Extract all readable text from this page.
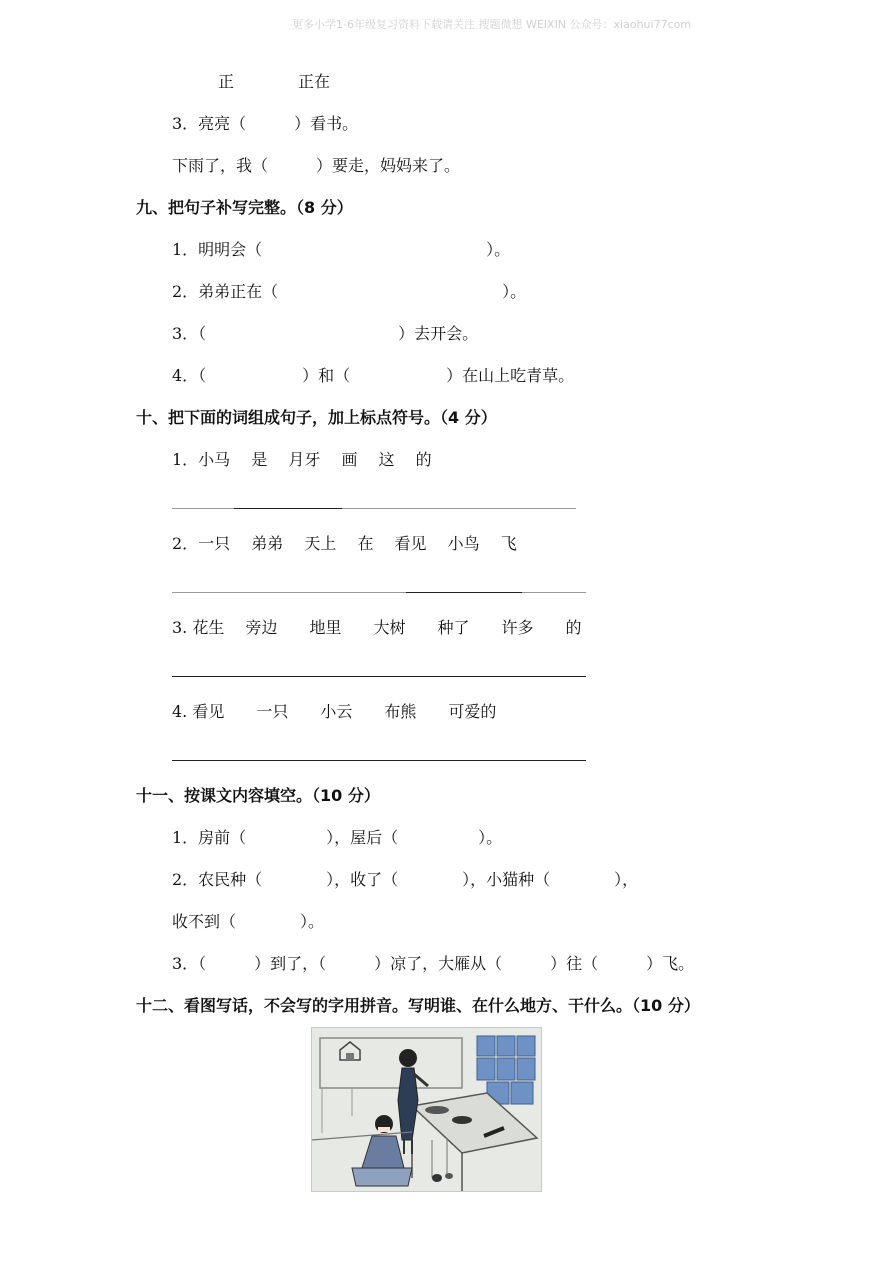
更多小学1-6年级复习资料下载请关注 搜题微想 WEIXIN 公众号：xiaohui77com
正　　　　正在
3．亮亮（　　　）看书。
下雨了，我（　　　）要走，妈妈来了。
九、把句子补写完整。（8 分）
1．明明会（　　　　　　　　　　　　　　）。
2．弟弟正在（　　　　　　　　　　　　　　）。
3．（　　　　　　　　　　　　）去开会。
4．（　　　　　　）和（　　　　　　）在山上吃青草。
十、把下面的词组成句子，加上标点符号。（4 分）
1．小马　 是　 月牙　 画　 这　 的
2．一只　 弟弟　 天上　 在　 看见　 小鸟　 飞
3. 花生　 旁边　　地里　　大树　　种了　　许多　　的
4. 看见　　一只　　小云　　布熊　　可爱的
十一、按课文内容填空。（10 分）
1．房前（　　　　　），屋后（　　　　　）。
2．农民种（　　　　），收了（　　　　），小猫种（　　　　），
收不到（　　　　）。
3．（　　　）到了，（　　　）凉了，大雁从（　　　）往（　　　）飞。
十二、看图写话，不会写的字用拼音。写明谁、在什么地方、干什么。（10 分）
